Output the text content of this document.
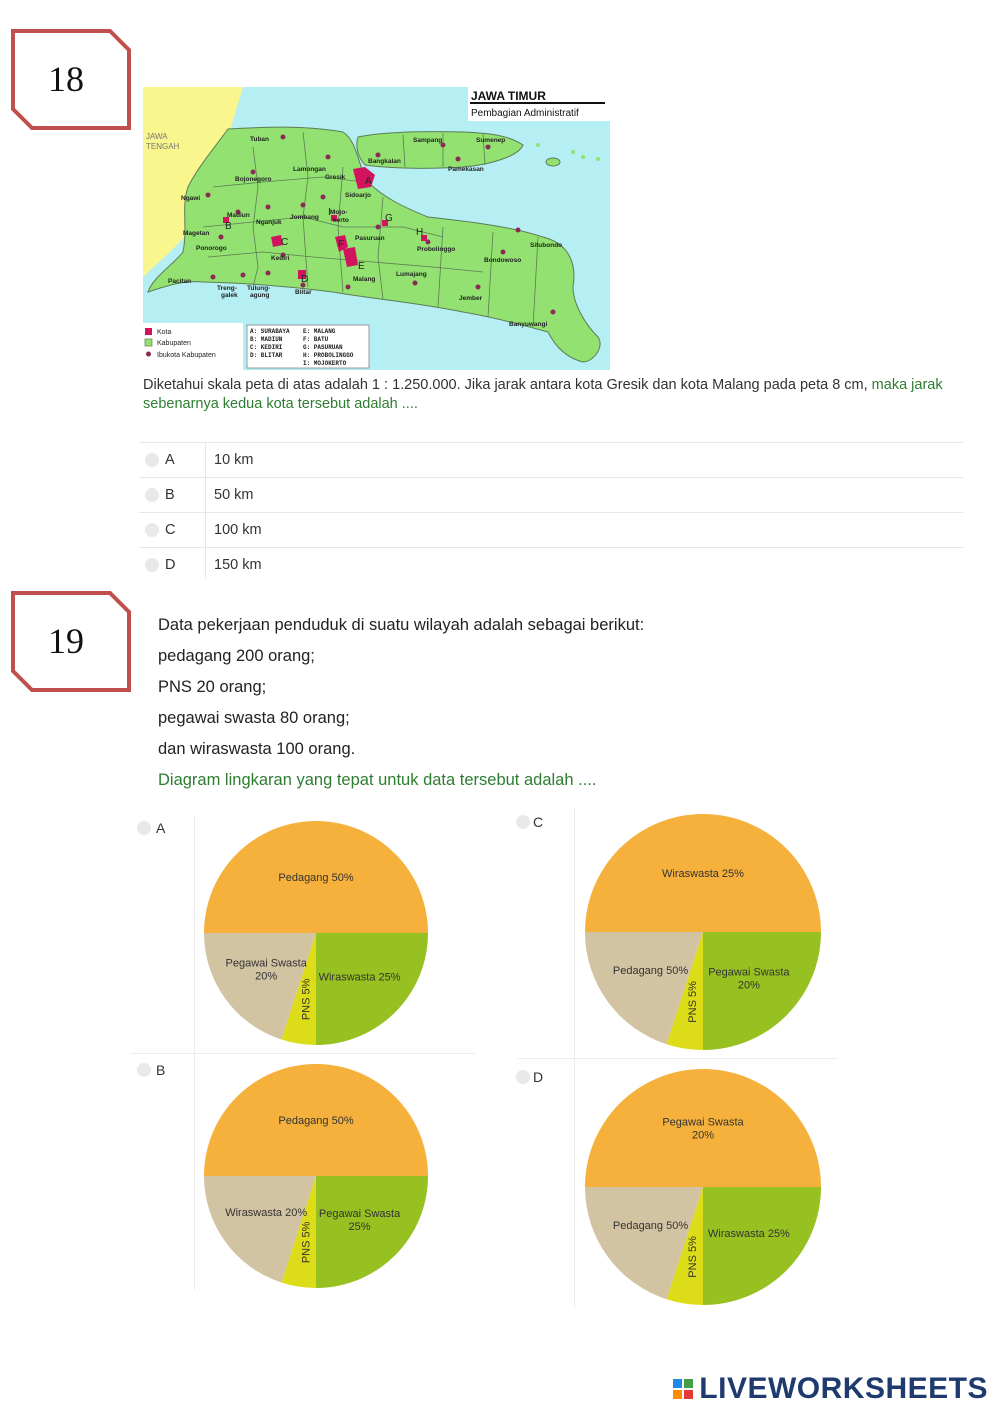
18	JAWA TIMUR
Pembagian Administratif
JAWA
TENGAH
Tuban	Sampang	Sumenep
Bangkalan
Pamekasan
Lamongan
Bojonegoro	Gresik
Sidoarjo
Ngawi
Madiun
Nganjuk
Jombang
Mojo-
kerto
Magetan
Pasuruan
Probolinggo
Situbondo
Ponorogo
Kediri	Bondowoso
Malang
Lumajang
Pacitan
Treng-
galek
Tulung-
agung	Blitar
Jember
Banyuwangi
A
B
C
D
E
F
G
H
I
Kota
Kabupaten
Ibukota Kabupaten
A: SURABAYA
B: MADIUN
C: KEDIRI
D: BLITAR
E: MALANG
F: BATU
G: PASURUAN
H: PROBOLINGGO
I: MOJOKERTO
Diketahui skala peta di atas adalah 1 : 1.250.000. Jika jarak antara kota Gresik dan kota Malang pada peta 8 cm, maka jarak sebenarnya kedua kota tersebut adalah ....
A	10 km
B	50 km
C	100 km
D	150 km
19	Data pekerjaan penduduk di suatu wilayah adalah sebagai berikut:
pedagang 200 orang;
PNS 20 orang;
pegawai swasta 80 orang;
dan wiraswasta 100 orang.
Diagram lingkaran yang tepat untuk data tersebut adalah ....
A
B
C
D
Pedagang 50%
Wiraswasta 25%
PNS 5%
Pegawai Swasta 20%
Pedagang 50%
Pegawai Swasta 25%
PNS 5%
Wiraswasta 20%
Wiraswasta 25%
Pegawai Swasta 20%
PNS 5%
Pedagang 50%
Pegawai Swasta 20%
Wiraswasta 25%
PNS 5%
Pedagang 50%

LIVEWORKSHEETS
